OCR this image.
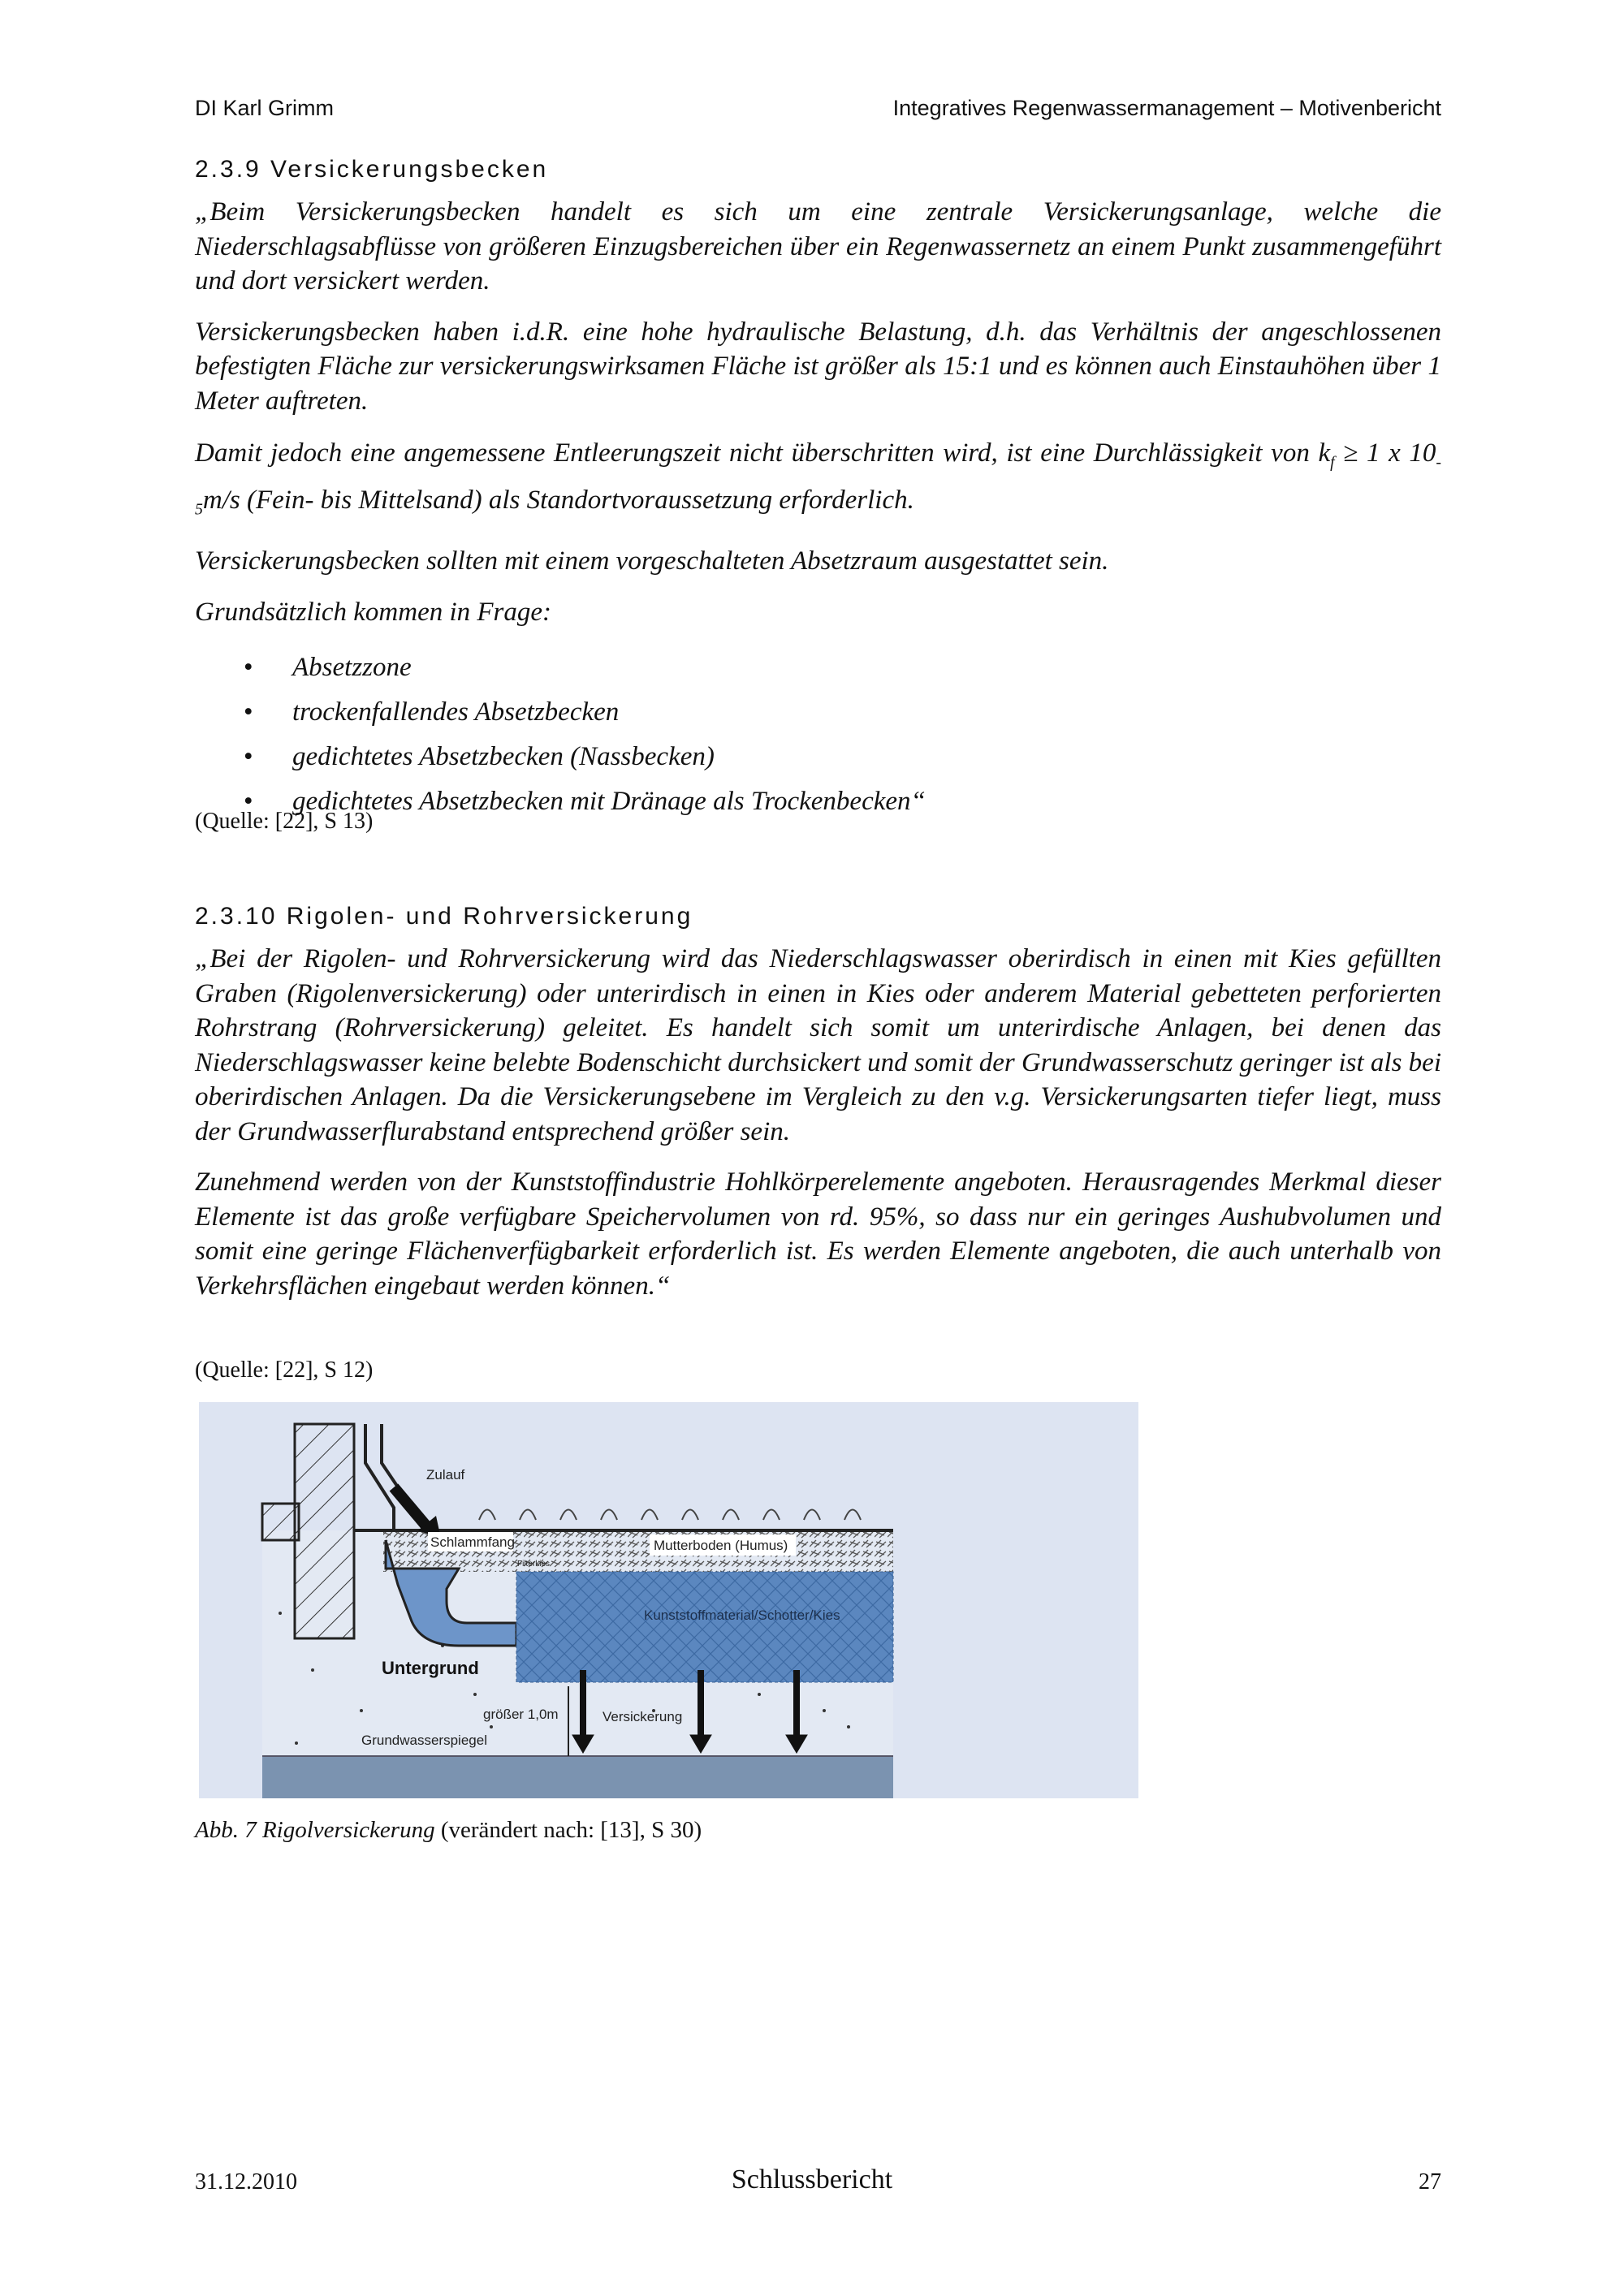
DI Karl Grimm	Integratives Regenwassermanagement – Motivenbericht
2.3.9 Versickerungsbecken

„Beim Versickerungsbecken handelt es sich um eine zentrale Versickerungsanlage, welche die Niederschlagsabflüsse von größeren Einzugsbereichen über ein Regenwassernetz an einem Punkt zusammengeführt und dort versickert werden.

Versickerungsbecken haben i.d.R. eine hohe hydraulische Belastung, d.h. das Verhältnis der angeschlossenen befestigten Fläche zur versickerungswirksamen Fläche ist größer als 15:1 und es können auch Einstauhöhen über 1 Meter auftreten.

Damit jedoch eine angemessene Entleerungszeit nicht überschritten wird, ist eine Durchlässigkeit von $k_f \ge 1$ x $10_{-5}m/s$ (Fein- bis Mittelsand) als Standortvoraussetzung erforderlich.

Versickerungsbecken sollten mit einem vorgeschalteten Absetzraum ausgestattet sein.

Grundsätzlich kommen in Frage:

• Absetzzone
• trockenfallendes Absetzbecken
• gedichtetes Absetzbecken (Nassbecken)
• gedichtetes Absetzbecken mit Dränage als Trockenbecken“
(Quelle: [22], S 13)
2.3.10 Rigolen- und Rohrversickerung

„Bei der Rigolen- und Rohrversickerung wird das Niederschlagswasser oberirdisch in einen mit Kies gefüllten Graben (Rigolenversickerung) oder unterirdisch in einen in Kies oder anderem Material gebetteten perforierten Rohrstrang (Rohrversickerung) geleitet. Es handelt sich somit um unterirdische Anlagen, bei denen das Niederschlagswasser keine belebte Bodenschicht durchsickert und somit der Grundwasserschutz geringer ist als bei oberirdischen Anlagen. Da die Versickerungsebene im Vergleich zu den v.g. Versickerungsarten tiefer liegt, muss der Grundwasserflurabstand entsprechend größer sein.

Zunehmend werden von der Kunststoffindustrie Hohlkörperelemente angeboten. Herausragendes Merkmal dieser Elemente ist das große verfügbare Speichervolumen von rd. 95%, so dass nur ein geringes Aushubvolumen und somit eine geringe Flächenverfügbarkeit erforderlich ist. Es werden Elemente angeboten, die auch unterhalb von Verkehrsflächen eingebaut werden können.“

(Quelle: [22], S 12)
Zulauf
Schlammfang
Filterkies
Mutterboden (Humus)
Kunststoffmaterial/Schotter/Kies
Untergrund
größer 1,0m	Versickerung
Grundwasserspiegel
Abb. 7 Rigolversickerung (verändert nach: [13], S 30)
31.12.2010	Schlussbericht	27
